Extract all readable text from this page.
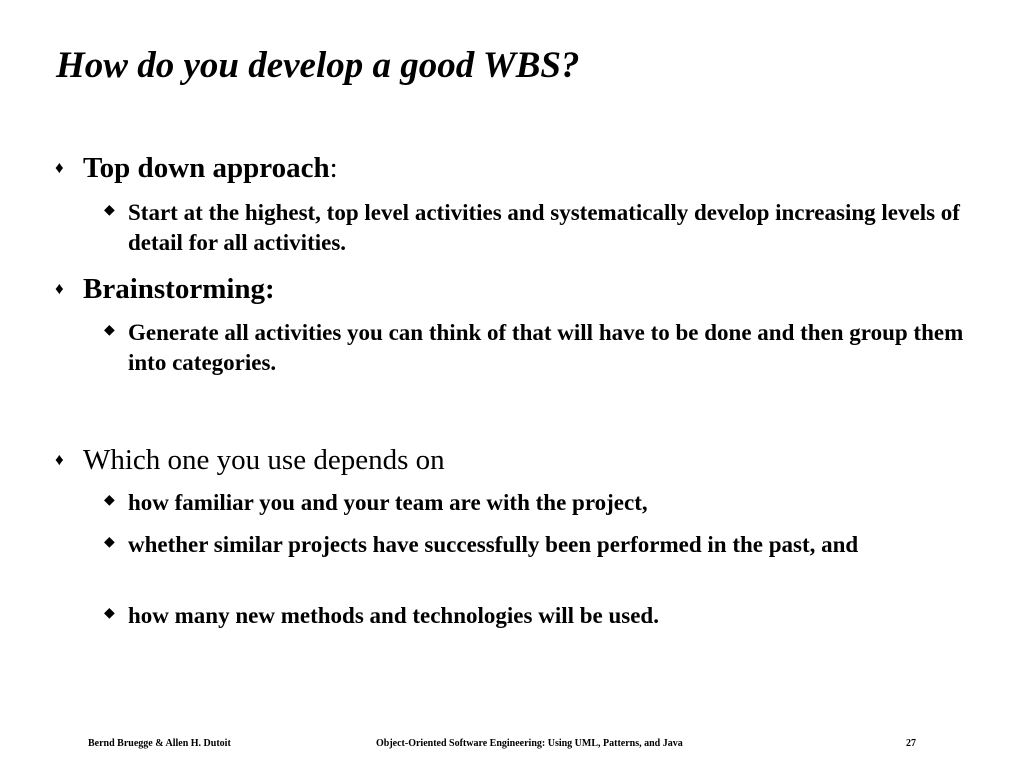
How do you develop a good WBS?
♦ Top down approach:
◆ Start at the highest, top level activities and systematically develop increasing levels of detail for all activities.
♦ Brainstorming:
◆ Generate all activities you can think of that will have to be done and then group them into categories.
♦ Which one you use depends on
◆ how familiar you and your team are with the project,
◆ whether similar projects have successfully been performed in the past, and
◆ how many new methods and technologies will be used.
Bernd Bruegge & Allen H. Dutoit	Object-Oriented Software Engineering: Using UML, Patterns, and Java	27
